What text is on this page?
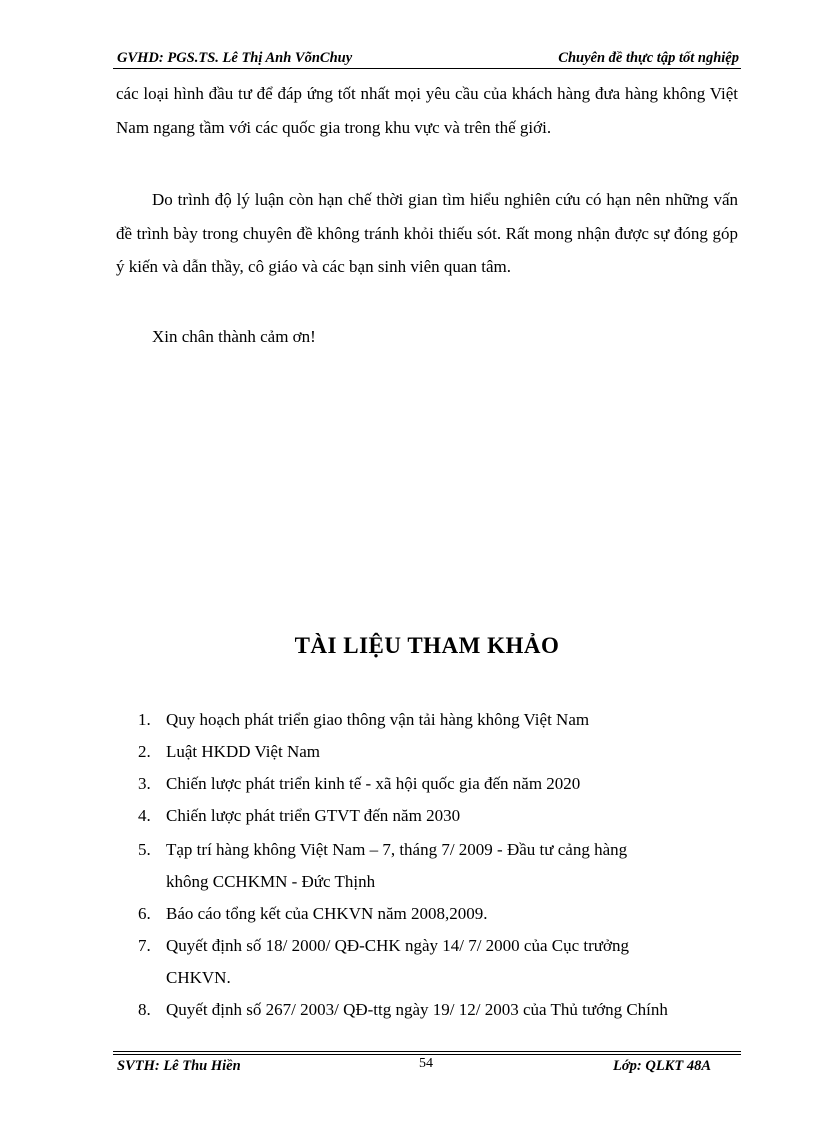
GVHD: PGS.TS. Lê Thị Anh VõnChuy	Chuyên đề thực tập tốt nghiệp

các loại hình đầu tư để đáp ứng tốt nhất mọi yêu cầu của khách hàng đưa hàng không Việt Nam ngang tầm với các quốc gia trong khu vực và trên thế giới.

Do trình độ lý luận còn hạn chế thời gian tìm hiểu nghiên cứu có hạn nên những vấn đề trình bày trong chuyên đề không tránh khỏi thiếu sót. Rất mong nhận được sự đóng góp ý kiến và dẫn thầy, cô giáo và các bạn sinh viên quan tâm.

Xin chân thành cảm ơn!

TÀI LIỆU THAM KHẢO
1. Quy hoạch phát triển giao thông vận tải hàng không Việt Nam
2. Luật HKDD Việt Nam
3. Chiến lược phát triển kinh tế - xã hội quốc gia đến năm 2020
4. Chiến lược phát triển GTVT đến năm 2030
5. Tạp trí hàng không Việt Nam – 7, tháng 7/ 2009 - Đầu tư cảng hàng
không CCHKMN - Đức Thịnh
6. Báo cáo tổng kết của CHKVN năm 2008,2009.
7. Quyết định số 18/ 2000/ QĐ-CHK ngày 14/ 7/ 2000 của Cục trưởng
CHKVN.
8. Quyết định số 267/ 2003/ QĐ-ttg ngày 19/ 12/ 2003 của Thủ tướng Chính
SVTH: Lê Thu Hiền	54	Lớp: QLKT 48A
